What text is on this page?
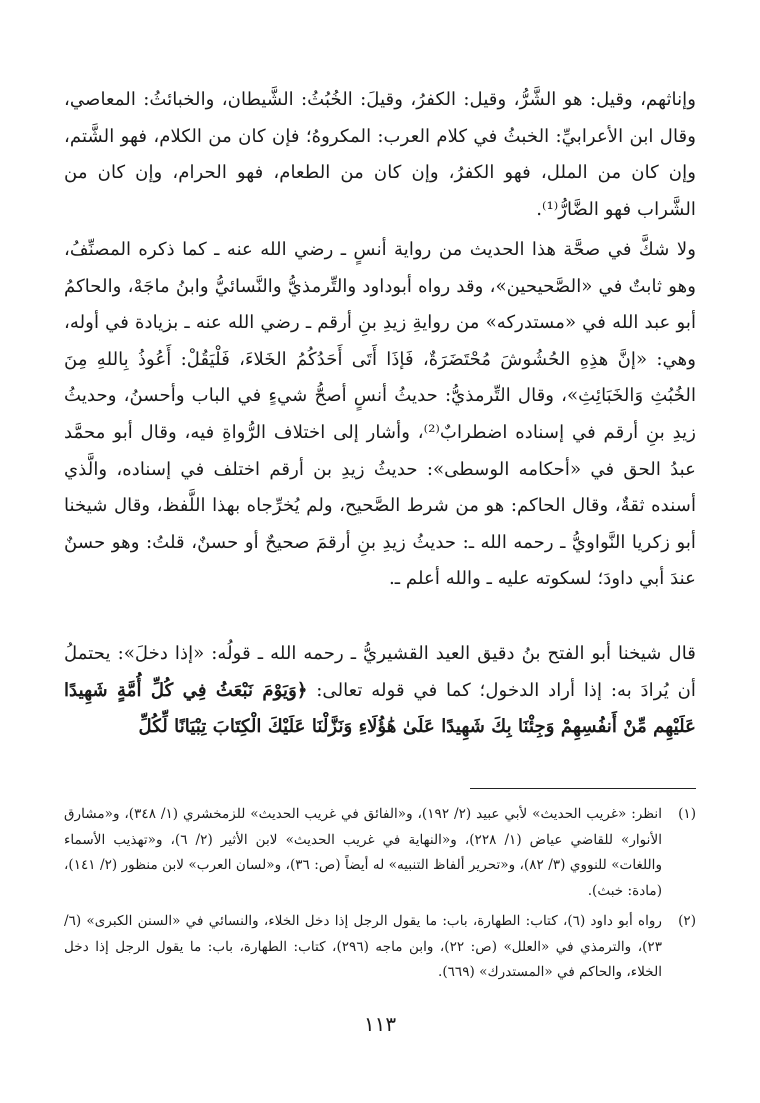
وإناثهم، وقيل: هو الشَّرُّ، وقيل: الكفرُ، وقيلَ: الخُبُثُ: الشَّيطان، والخبائثُ: المعاصي، وقال ابن الأعرابيِّ: الخبثُ في كلام العرب: المكروهُ؛ فإن كان من الكلام، فهو الشَّتم، وإن كان من الملل، فهو الكفرُ، وإن كان من الطعام، فهو الحرام، وإن كان من الشَّراب فهو الضَّارُّ⁽¹⁾.

ولا شكَّ في صحَّة هذا الحديث من رواية أنسٍ ـ رضي الله عنه ـ كما ذكره المصنِّفُ، وهو ثابتٌ في «الصَّحيحين»، وقد رواه أبوداود والتِّرمذيُّ والنَّسائيُّ وابنُ ماجَهْ، والحاكمُ أبو عبد الله في «مستدركه» من روايةِ زيدِ بنِ أرقم ـ رضي الله عنه ـ بزيادة في أوله، وهي: «إنَّ هذِهِ الحُشُوشَ مُحْتَضَرَةٌ، فَإذَا أَتَى أَحَدُكُمُ الخَلاءَ، فَلْيَقُلْ: أَعُوذُ بِاللهِ مِنَ الخُبُثِ وَالخَبَائِثِ»، وقال التِّرمذيُّ: حديثُ أنسٍ أصحُّ شيءٍ في الباب وأحسنُ، وحديثُ زيدِ بنِ أرقم في إسناده اضطرابٌ⁽²⁾، وأشار إلى اختلاف الرُّواةِ فيه، وقال أبو محمَّد عبدُ الحق في «أحكامه الوسطى»: حديثُ زيدِ بن أرقم اختلف في إسناده، والَّذي أسنده ثقةٌ، وقال الحاكم: هو من شرط الصَّحيح، ولم يُخرِّجاه بهذا اللَّفظ، وقال شيخنا أبو زكريا النَّواويُّ ـ رحمه الله ـ: حديثُ زيدِ بنِ أرقمَ صحيحٌ أو حسنٌ، قلتُ: وهو حسنٌ عندَ أبي داودَ؛ لسكوته عليه ـ والله أعلم ـ.

قال شيخنا أبو الفتح بنُ دقيق العيد القشيريُّ ـ رحمه الله ـ قولُه: «إذا دخلَ»: يحتملُ أن يُرادَ به: إذا أراد الدخول؛ كما في قوله تعالى: ﴿وَيَوْمَ نَبْعَثُ فِي كُلِّ أُمَّةٍ شَهِيدًا عَلَيْهِم مِّنْ أَنفُسِهِمْ وَجِئْنَا بِكَ شَهِيدًا عَلَىٰ هَٰؤُلَاءِ وَنَزَّلْنَا عَلَيْكَ الْكِتَابَ تِبْيَانًا لِّكُلِّ

(١)
انظر: «غريب الحديث» لأبي عبيد (٢/ ١٩٢)، و«الفائق في غريب الحديث» للزمخشري (١/ ٣٤٨)، و«مشارق الأنوار» للقاضي عياض (١/ ٢٢٨)، و«النهاية في غريب الحديث» لابن الأثير (٢/ ٦)، و«تهذيب الأسماء واللغات» للنووي (٣/ ٨٢)، و«تحرير ألفاظ التنبيه» له أيضاً (ص: ٣٦)، و«لسان العرب» لابن منظور (٢/ ١٤١)، (مادة: خبث).
(٢)
رواه أبو داود (٦)، كتاب: الطهارة، باب: ما يقول الرجل إذا دخل الخلاء، والنسائي في «السنن الكبرى» (٦/ ٢٣)، والترمذي في «العلل» (ص: ٢٢)، وابن ماجه (٢٩٦)، كتاب: الطهارة، باب: ما يقول الرجل إذا دخل الخلاء، والحاكم في «المستدرك» (٦٦٩).
١١٣
